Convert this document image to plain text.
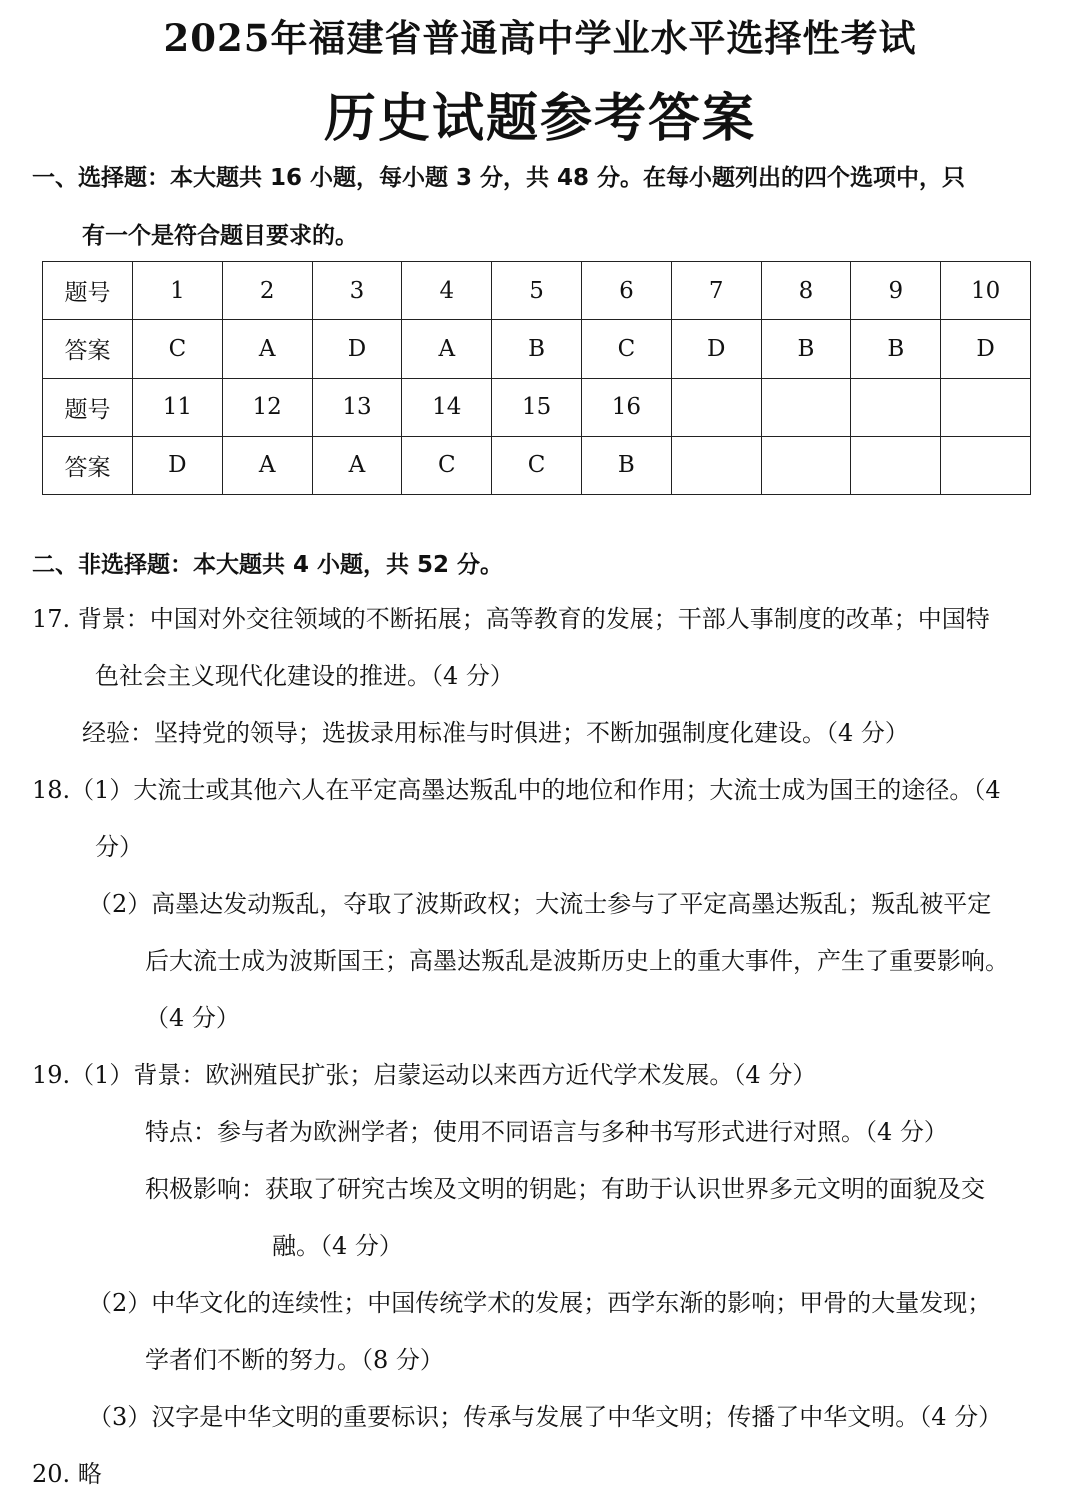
2025年福建省普通高中学业水平选择性考试
历史试题参考答案
一、选择题：本大题共 16 小题，每小题 3 分，共 48 分。在每小题列出的四个选项中，只
有一个是符合题目要求的。
题号	1	2	3	4	5	6	7	8	9	10
答案	C	A	D	A	B	C	D	B	B	D
题号	11	12	13	14	15	16				
答案	D	A	A	C	C	B				
二、非选择题：本大题共 4 小题，共 52 分。
17. 背景：中国对外交往领域的不断拓展；高等教育的发展；干部人事制度的改革；中国特
色社会主义现代化建设的推进。（4 分）
经验：坚持党的领导；选拔录用标准与时俱进；不断加强制度化建设。（4 分）
18.（1）大流士或其他六人在平定高墨达叛乱中的地位和作用；大流士成为国王的途径。（4
分）
（2）高墨达发动叛乱，夺取了波斯政权；大流士参与了平定高墨达叛乱；叛乱被平定
后大流士成为波斯国王；高墨达叛乱是波斯历史上的重大事件，产生了重要影响。
（4 分）
19.（1）背景：欧洲殖民扩张；启蒙运动以来西方近代学术发展。（4 分）
特点：参与者为欧洲学者；使用不同语言与多种书写形式进行对照。（4 分）
积极影响：获取了研究古埃及文明的钥匙；有助于认识世界多元文明的面貌及交
融。（4 分）
（2）中华文化的连续性；中国传统学术的发展；西学东渐的影响；甲骨的大量发现；
学者们不断的努力。（8 分）
（3）汉字是中华文明的重要标识；传承与发展了中华文明；传播了中华文明。（4 分）
20. 略
